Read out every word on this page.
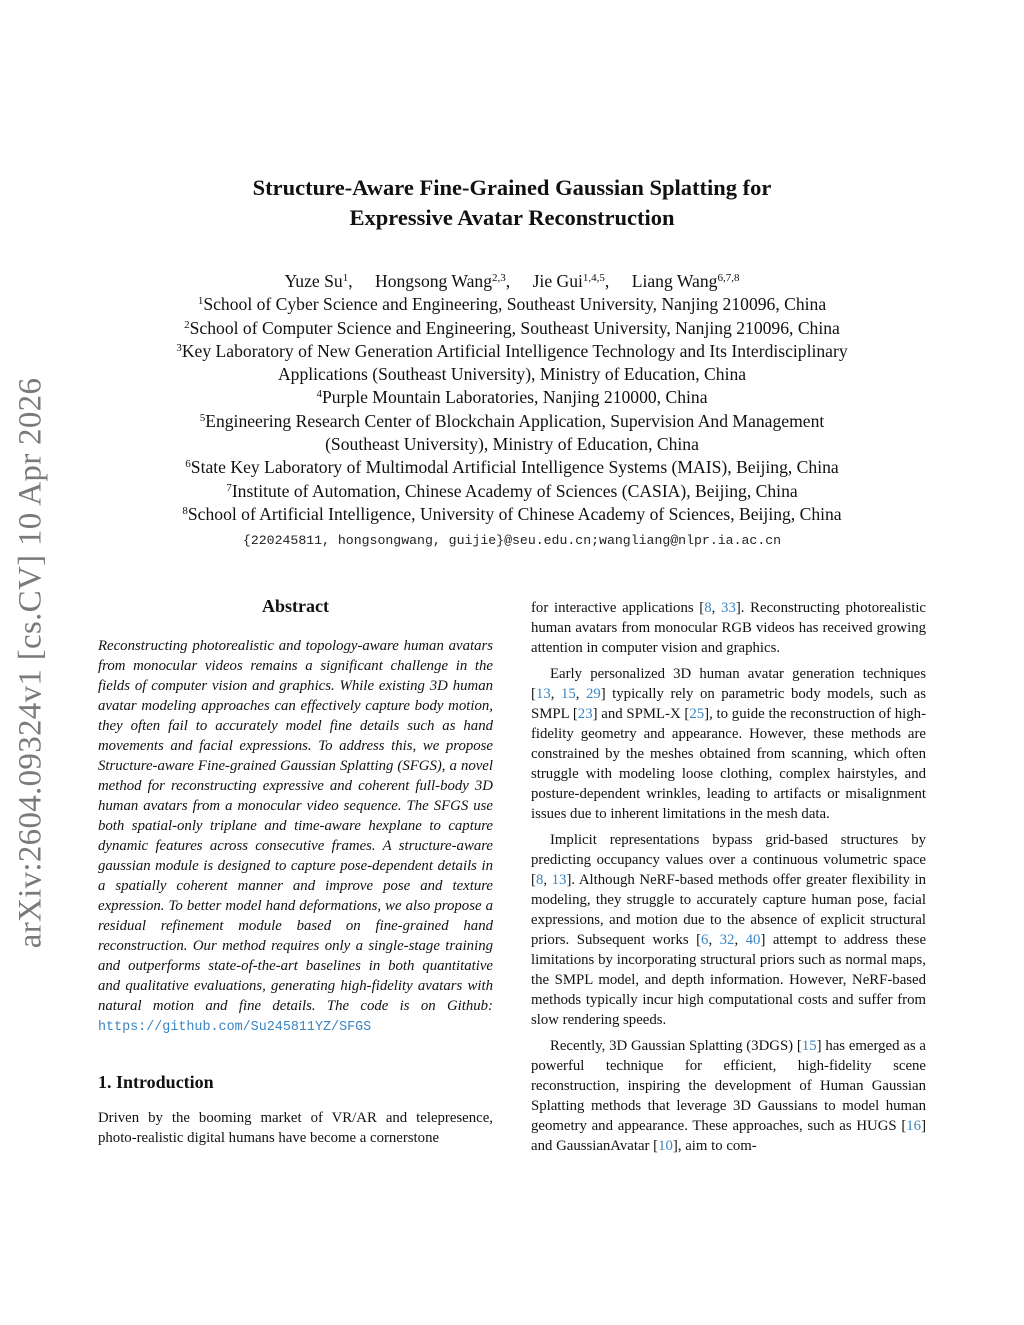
arXiv:2604.09324v1 [cs.CV] 10 Apr 2026
Structure-Aware Fine-Grained Gaussian Splatting for
Expressive Avatar Reconstruction
Yuze Su$^1$, Hongsong Wang$^{2,3}$, Jie Gui$^{1,4,5}$, Liang Wang$^{6,7,8}$
$^1$School of Cyber Science and Engineering, Southeast University, Nanjing 210096, China
$^2$School of Computer Science and Engineering, Southeast University, Nanjing 210096, China
$^3$Key Laboratory of New Generation Artificial Intelligence Technology and Its Interdisciplinary
Applications (Southeast University), Ministry of Education, China
$^4$Purple Mountain Laboratories, Nanjing 210000, China
$^5$Engineering Research Center of Blockchain Application, Supervision And Management
(Southeast University), Ministry of Education, China
$^6$State Key Laboratory of Multimodal Artificial Intelligence Systems (MAIS), Beijing, China
$^7$Institute of Automation, Chinese Academy of Sciences (CASIA), Beijing, China
$^8$School of Artificial Intelligence, University of Chinese Academy of Sciences, Beijing, China
{220245811, hongsongwang, guijie}@seu.edu.cn;wangliang@nlpr.ia.ac.cn
Abstract

Reconstructing photorealistic and topology-aware human avatars from monocular videos remains a significant challenge in the fields of computer vision and graphics. While existing 3D human avatar modeling approaches can effectively capture body motion, they often fail to accurately model fine details such as hand movements and facial expressions. To address this, we propose Structure-aware Fine-grained Gaussian Splatting (SFGS), a novel method for reconstructing expressive and coherent full-body 3D human avatars from a monocular video sequence. The SFGS use both spatial-only triplane and time-aware hexplane to capture dynamic features across consecutive frames. A structure-aware gaussian module is designed to capture pose-dependent details in a spatially coherent manner and improve pose and texture expression. To better model hand deformations, we also propose a residual refinement module based on fine-grained hand reconstruction. Our method requires only a single-stage training and outperforms state-of-the-art baselines in both quantitative and qualitative evaluations, generating high-fidelity avatars with natural motion and fine details. The code is on Github: https://github.com/Su245811YZ/SFGS

1. Introduction

Driven by the booming market of VR/AR and telepresence, photo-realistic digital humans have become a cornerstone

for interactive applications [8, 33]. Reconstructing photorealistic human avatars from monocular RGB videos has received growing attention in computer vision and graphics.

Early personalized 3D human avatar generation techniques [13, 15, 29] typically rely on parametric body models, such as SMPL [23] and SPML-X [25], to guide the reconstruction of high-fidelity geometry and appearance. However, these methods are constrained by the meshes obtained from scanning, which often struggle with modeling loose clothing, complex hairstyles, and posture-dependent wrinkles, leading to artifacts or misalignment issues due to inherent limitations in the mesh data.

Implicit representations bypass grid-based structures by predicting occupancy values over a continuous volumetric space [8, 13]. Although NeRF-based methods offer greater flexibility in modeling, they struggle to accurately capture human pose, facial expressions, and motion due to the absence of explicit structural priors. Subsequent works [6, 32, 40] attempt to address these limitations by incorporating structural priors such as normal maps, the SMPL model, and depth information. However, NeRF-based methods typically incur high computational costs and suffer from slow rendering speeds.

Recently, 3D Gaussian Splatting (3DGS) [15] has emerged as a powerful technique for efficient, high-fidelity scene reconstruction, inspiring the development of Human Gaussian Splatting methods that leverage 3D Gaussians to model human geometry and appearance. These approaches, such as HUGS [16] and GaussianAvatar [10], aim to com-
